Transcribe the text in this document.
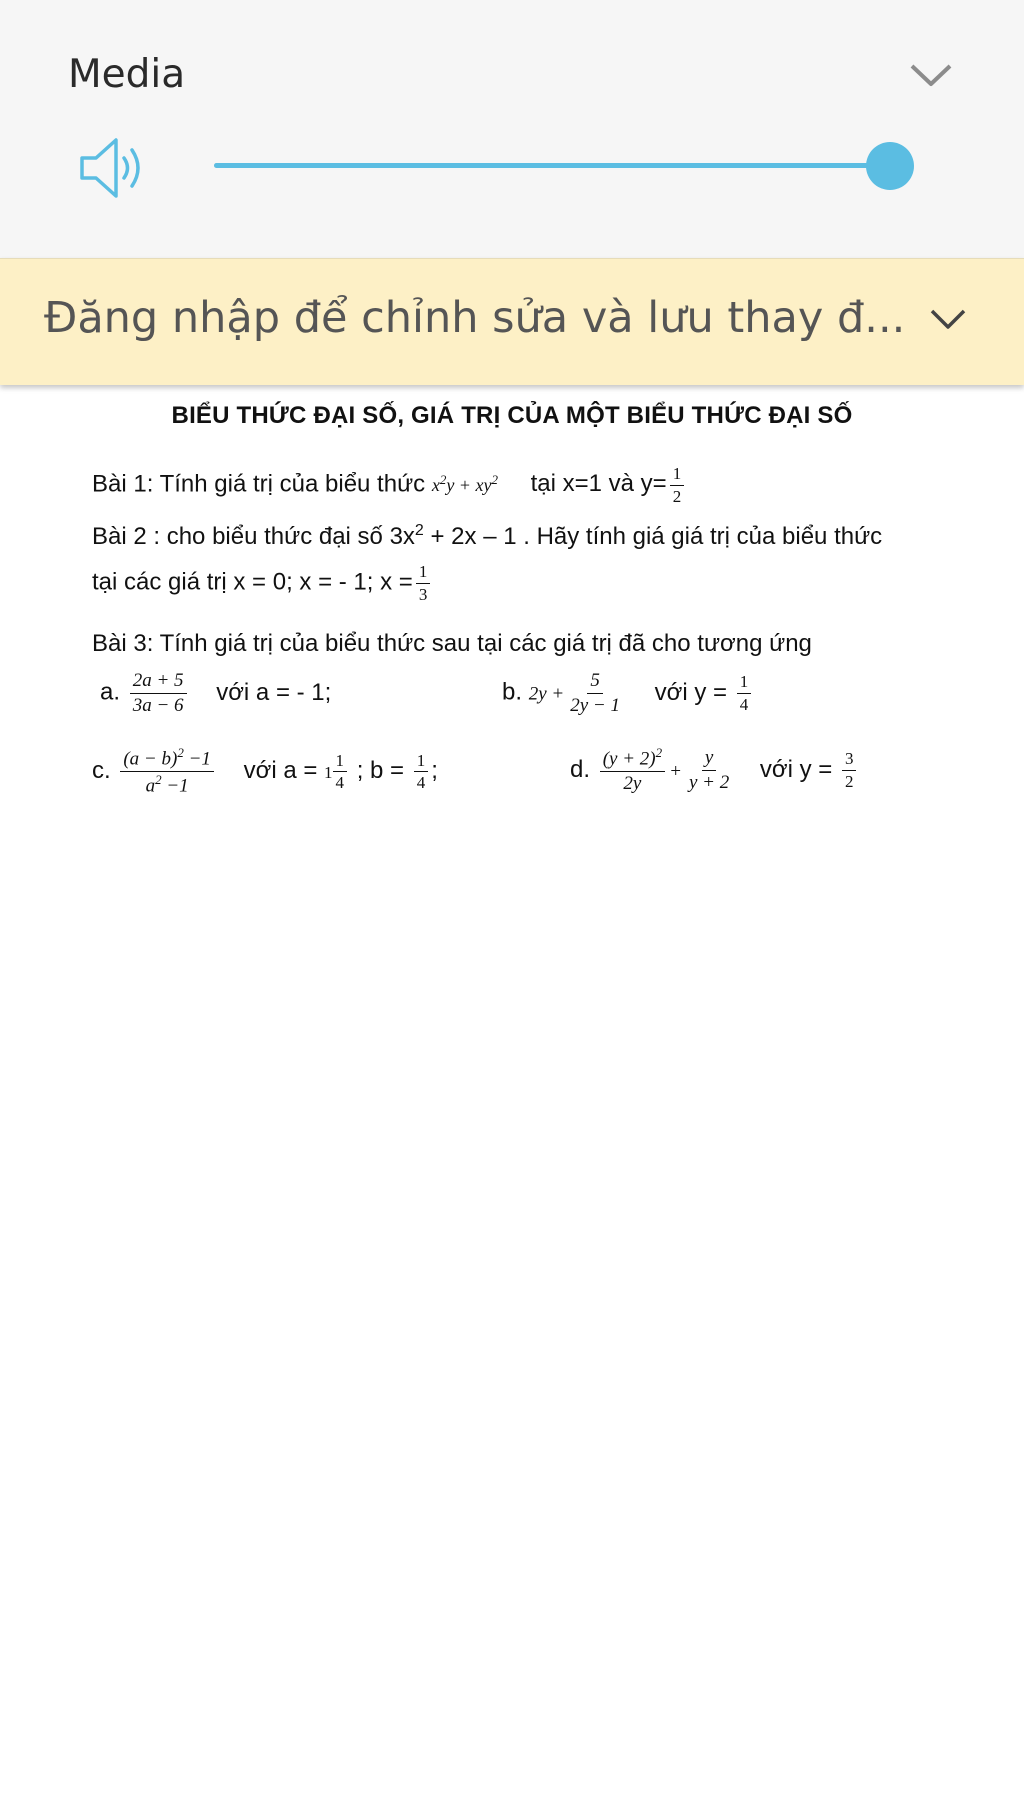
Media
Đăng nhập để chỉnh sửa và lưu thay đ...
BIỂU THỨC ĐẠI SỐ, GIÁ TRỊ CỦA MỘT BIỂU THỨC ĐẠI SỐ
Bài 1: Tính giá trị của biểu thức $x^2y + xy^2$ tại x=1 và $y= \frac{1}{2}$
Bài 2 : cho biểu thức đại số $3x^2 + 2x - 1$ . Hãy tính giá giá trị của biểu thức
tại các giá trị x = 0; x = - 1; $x = \frac{1}{3}$
Bài 3: Tính giá trị của biểu thức sau tại các giá trị đã cho tương ứng
a. $\frac{2a + 5}{3a - 6}$ với a = - 1;	b. $2y + \frac{5}{2y - 1}$ với $y = \frac{1}{4}$
c. $\frac{(a - b)^2 -1}{a^2 -1}$ với $a = 1 \frac{1}{4}$ ; $b = \frac{1}{4}$ ;	d. $\frac{(y + 2)^2}{2y} + \frac{y}{y + 2}$ với $y = \frac{3}{2}$
